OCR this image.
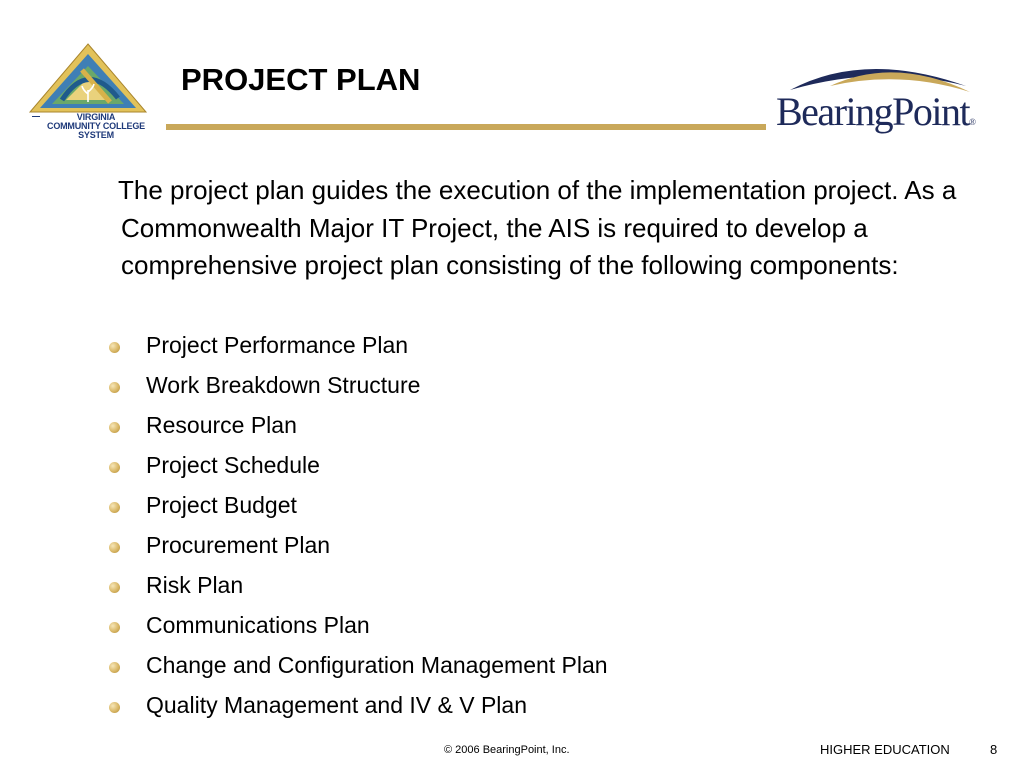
VIRGINIA
COMMUNITY COLLEGE
SYSTEM
PROJECT PLAN
BearingPoint®
The project plan guides the execution of the implementation project. As a Commonwealth Major IT Project, the AIS is required to develop a comprehensive project plan consisting of the following components:
Project Performance Plan
Work Breakdown Structure
Resource Plan
Project Schedule
Project Budget
Procurement Plan
Risk Plan
Communications Plan
Change and Configuration Management Plan
Quality Management and IV & V Plan
© 2006 BearingPoint, Inc.	HIGHER EDUCATION	8
